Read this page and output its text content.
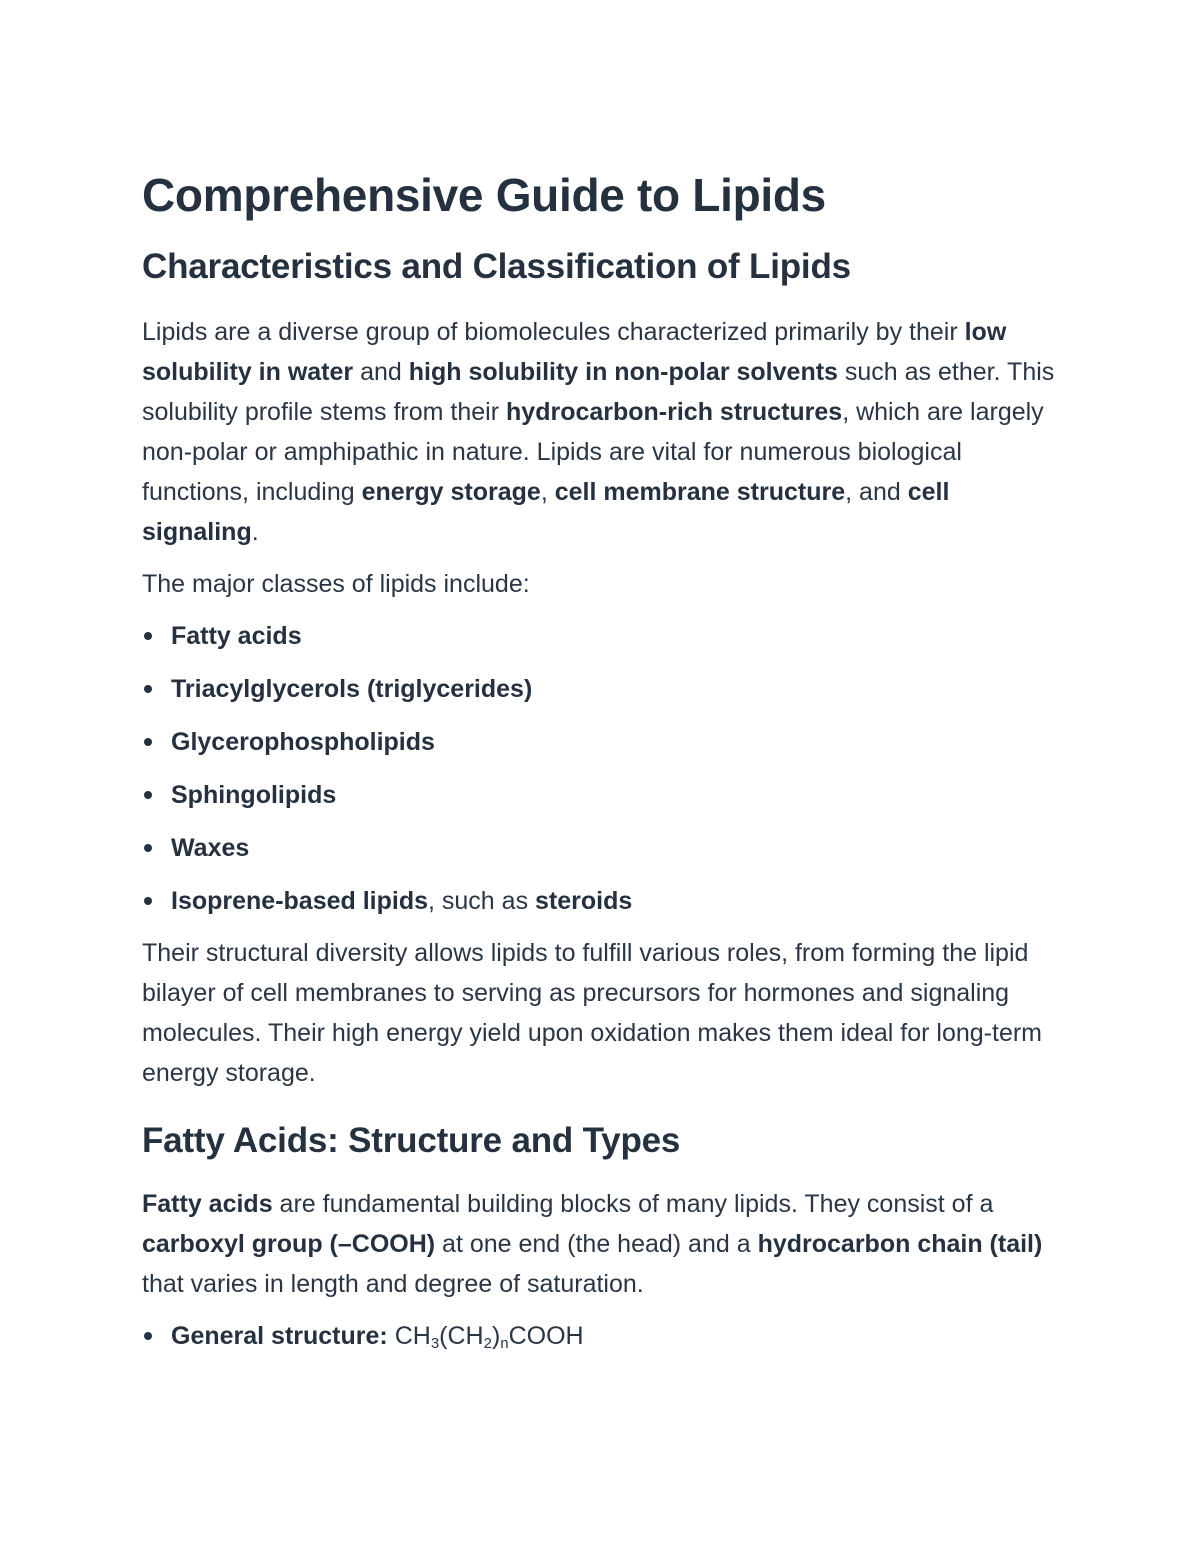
Comprehensive Guide to Lipids
Characteristics and Classification of Lipids

Lipids are a diverse group of biomolecules characterized primarily by their low solubility in water and high solubility in non-polar solvents such as ether. This solubility profile stems from their hydrocarbon-rich structures, which are largely non-polar or amphipathic in nature. Lipids are vital for numerous biological functions, including energy storage, cell membrane structure, and cell signaling.

The major classes of lipids include:

Fatty acids
Triacylglycerols (triglycerides)
Glycerophospholipids
Sphingolipids
Waxes
Isoprene-based lipids, such as steroids

Their structural diversity allows lipids to fulfill various roles, from forming the lipid bilayer of cell membranes to serving as precursors for hormones and signaling molecules. Their high energy yield upon oxidation makes them ideal for long-term energy storage.

Fatty Acids: Structure and Types

Fatty acids are fundamental building blocks of many lipids. They consist of a carboxyl group (–COOH) at one end (the head) and a hydrocarbon chain (tail) that varies in length and degree of saturation.

General structure: $CH_3(CH_2)_nCOOH$
